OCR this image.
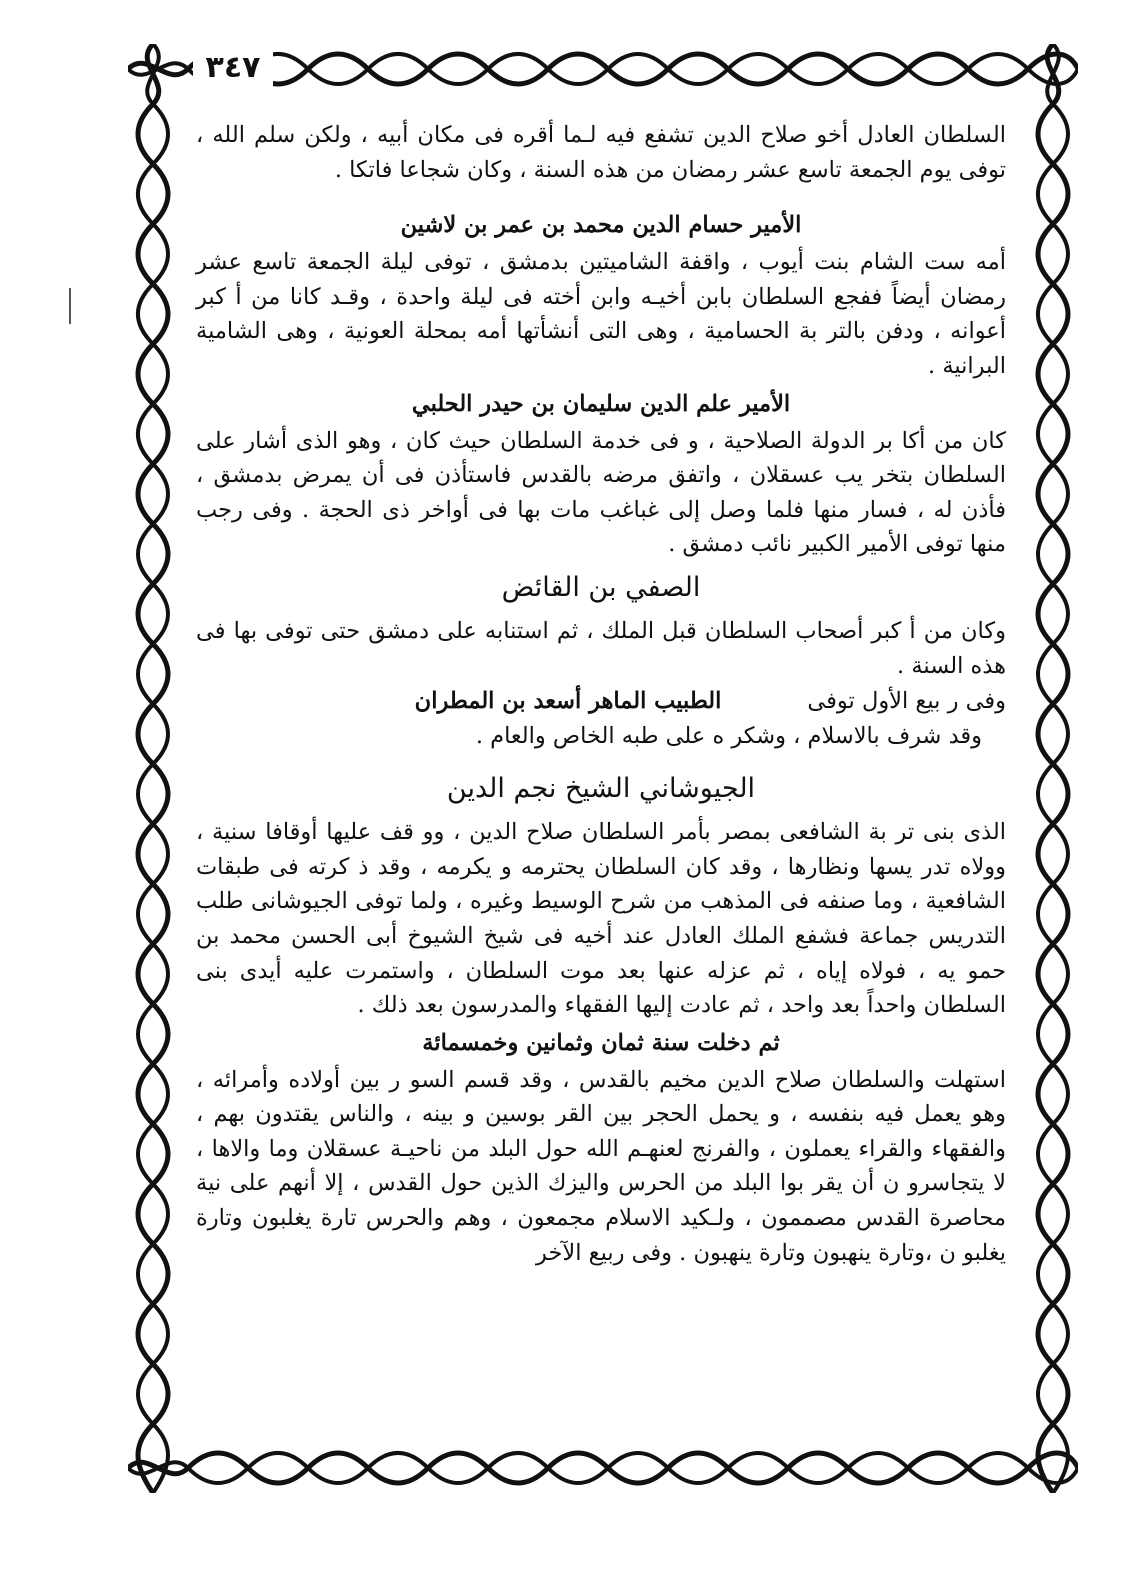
٣٤٧

السلطان العادل أخو صلاح الدين تشفع فيه لـما أقره فى مكان أبيه ، ولكن سلم الله ، توفى يوم الجمعة تاسع عشر رمضان من هذه السنة ، وكان شجاعا فاتكا .

الأمير حسام الدين محمد بن عمر بن لاشين

أمه ست الشام بنت أيوب ، واقفة الشاميتين بدمشق ، توفى ليلة الجمعة تاسع عشر رمضان أيضاً ففجع السلطان بابن أخيـه وابن أخته فى ليلة واحدة ، وقـد كانا من أ كبر أعوانه ، ودفن بالتر بة الحسامية ، وهى التى أنشأتها أمه بمحلة العونية ، وهى الشامية البرانية .

الأمير علم الدين سليمان بن حيدر الحلبي

كان من أكا بر الدولة الصلاحية ، و فى خدمة السلطان حيث كان ، وهو الذى أشار على السلطان بتخر يب عسقلان ، واتفق مرضه بالقدس فاستأذن فى أن يمرض بدمشق ، فأذن له ، فسار منها فلما وصل إلى غباغب مات بها فى أواخر ذى الحجة . وفى رجب منها توفى الأمير الكبير نائب دمشق .

الصفي بن القائض

وكان من أ كبر أصحاب السلطان قبل الملك ، ثم استنابه على دمشق حتى توفى بها فى هذه السنة .

وفى ر بيع الأول توفى
الطبيب الماهر أسعد بن المطران

وقد شرف بالاسلام ، وشكر ه على طبه الخاص والعام .

الجيوشاني الشيخ نجم الدين

الذى بنى تر بة الشافعى بمصر بأمر السلطان صلاح الدين ، وو قف عليها أوقافا سنية ، وولاه تدر يسها ونظارها ، وقد كان السلطان يحترمه و يكرمه ، وقد ذ كرته فى طبقات الشافعية ، وما صنفه فى المذهب من شرح الوسيط وغيره ، ولما توفى الجيوشانى طلب التدريس جماعة فشفع الملك العادل عند أخيه فى شيخ الشيوخ أبى الحسن محمد بن حمو يه ، فولاه إياه ، ثم عزله عنها بعد موت السلطان ، واستمرت عليه أيدى بنى السلطان واحداً بعد واحد ، ثم عادت إليها الفقهاء والمدرسون بعد ذلك .

ثم دخلت سنة ثمان وثمانين وخمسمائة

استهلت والسلطان صلاح الدين مخيم بالقدس ، وقد قسم السو ر بين أولاده وأمرائه ، وهو يعمل فيه بنفسه ، و يحمل الحجر بين القر بوسين و بينه ، والناس يقتدون بهم ، والفقهاء والقراء يعملون ، والفرنج لعنهـم الله حول البلد من ناحيـة عسقلان وما والاها ، لا يتجاسرو ن أن يقر بوا البلد من الحرس واليزك الذين حول القدس ، إلا أنهم على نية محاصرة القدس مصممون ، ولـكيد الاسلام مجمعون ، وهم والحرس تارة يغلبون وتارة يغلبو ن ،وتارة ينهبون وتارة ينهبون . وفى ربيع الآخر
